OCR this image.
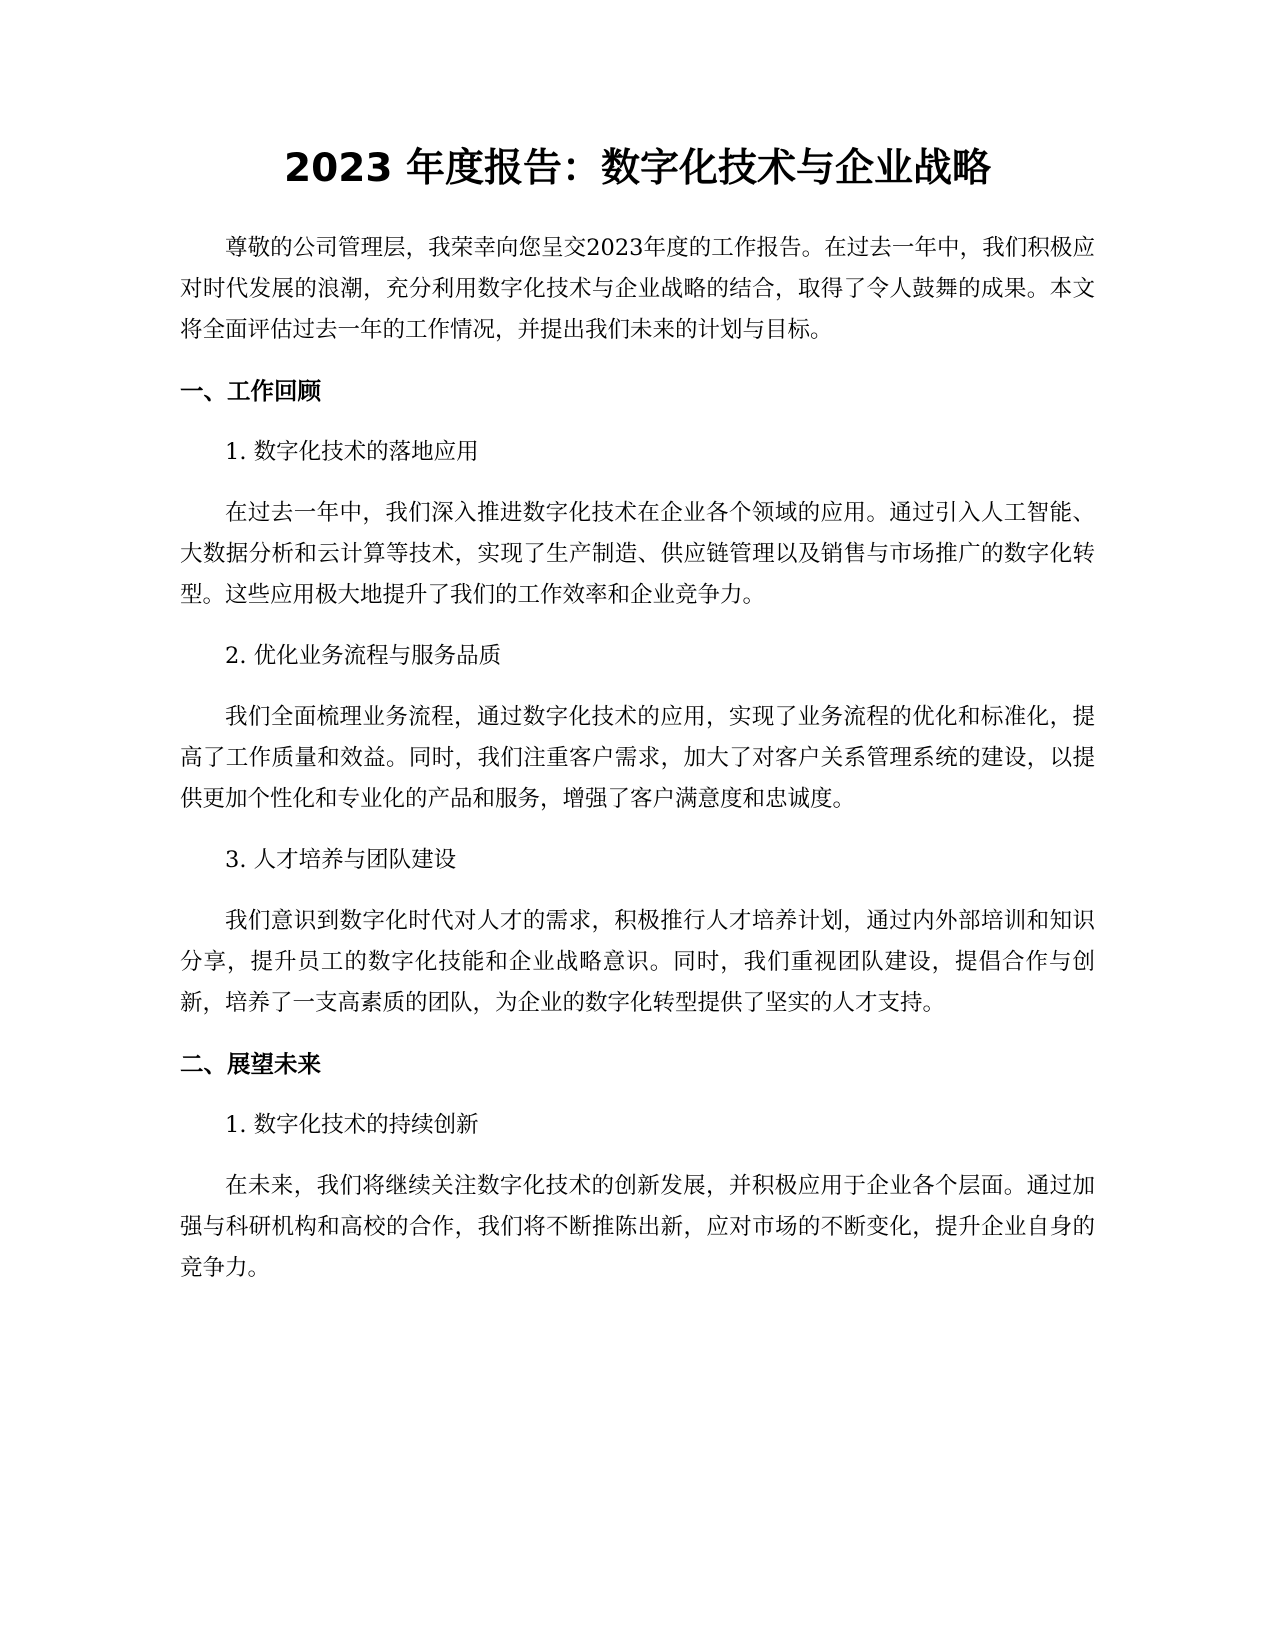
2023 年度报告：数字化技术与企业战略

尊敬的公司管理层，我荣幸向您呈交2023年度的工作报告。在过去一年中，我们积极应对时代发展的浪潮，充分利用数字化技术与企业战略的结合，取得了令人鼓舞的成果。本文将全面评估过去一年的工作情况，并提出我们未来的计划与目标。

一、工作回顾

1. 数字化技术的落地应用

在过去一年中，我们深入推进数字化技术在企业各个领域的应用。通过引入人工智能、大数据分析和云计算等技术，实现了生产制造、供应链管理以及销售与市场推广的数字化转型。这些应用极大地提升了我们的工作效率和企业竞争力。

2. 优化业务流程与服务品质

我们全面梳理业务流程，通过数字化技术的应用，实现了业务流程的优化和标准化，提高了工作质量和效益。同时，我们注重客户需求，加大了对客户关系管理系统的建设，以提供更加个性化和专业化的产品和服务，增强了客户满意度和忠诚度。

3. 人才培养与团队建设

我们意识到数字化时代对人才的需求，积极推行人才培养计划，通过内外部培训和知识分享，提升员工的数字化技能和企业战略意识。同时，我们重视团队建设，提倡合作与创新，培养了一支高素质的团队，为企业的数字化转型提供了坚实的人才支持。

二、展望未来

1. 数字化技术的持续创新

在未来，我们将继续关注数字化技术的创新发展，并积极应用于企业各个层面。通过加强与科研机构和高校的合作，我们将不断推陈出新，应对市场的不断变化，提升企业自身的竞争力。
